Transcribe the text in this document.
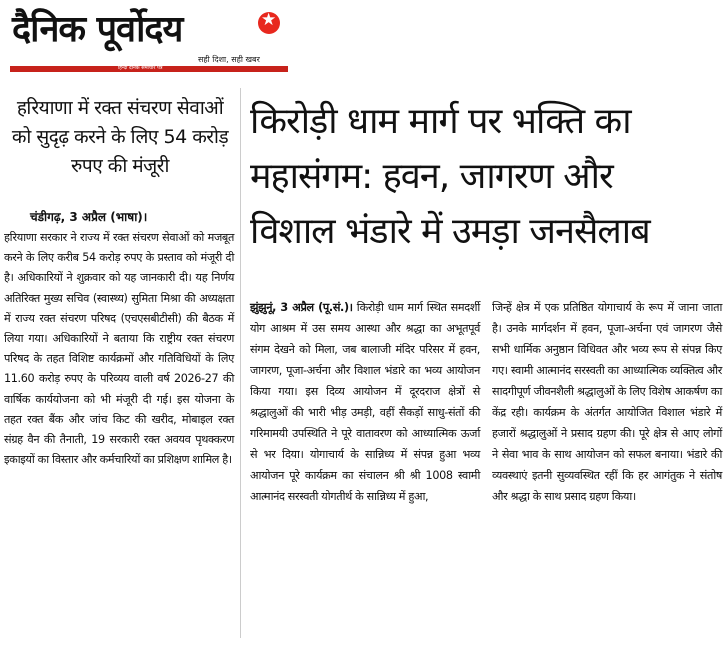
दैनिक पूर्वोदय
★
सही दिशा, सही खबर
हिन्दी दैनिक समाचार पत्र
हरियाणा में रक्त संचरण सेवाओं को सुदृढ़ करने के लिए 54 करोड़ रुपए की मंजूरी
चंडीगढ़, 3 अप्रैल (भाषा)।
हरियाणा सरकार ने राज्य में रक्त संचरण सेवाओं को मजबूत करने के लिए करीब 54 करोड़ रुपए के प्रस्ताव को मंजूरी दी है। अधिकारियों ने शुक्रवार को यह जानकारी दी। यह निर्णय अतिरिक्त मुख्य सचिव (स्वास्थ्य) सुमिता मिश्रा की अध्यक्षता में राज्य रक्त संचरण परिषद (एचएसबीटीसी) की बैठक में लिया गया। अधिकारियों ने बताया कि राष्ट्रीय रक्त संचरण परिषद के तहत विशिष्ट कार्यक्रमों और गतिविधियों के लिए 11.60 करोड़ रुपए के परिव्यय वाली वर्ष 2026-27 की वार्षिक कार्ययोजना को भी मंजूरी दी गई। इस योजना के तहत रक्त बैंक और जांच किट की खरीद, मोबाइल रक्त संग्रह वैन की तैनाती, 19 सरकारी रक्त अवयव पृथक्करण इकाइयों का विस्तार और कर्मचारियों का प्रशिक्षण शामिल है।
किरोड़ी धाम मार्ग पर भक्ति का
महासंगम: हवन, जागरण और
विशाल भंडारे में उमड़ा जनसैलाब
झुंझुनूं, 3 अप्रैल (पू.सं.)। किरोड़ी धाम मार्ग स्थित समदर्शी योग आश्रम में उस समय आस्था और श्रद्धा का अभूतपूर्व संगम देखने को मिला, जब बालाजी मंदिर परिसर में हवन, जागरण, पूजा-अर्चना और विशाल भंडारे का भव्य आयोजन किया गया। इस दिव्य आयोजन में दूरदराज क्षेत्रों से श्रद्धालुओं की भारी भीड़ उमड़ी, वहीं सैकड़ों साधु-संतों की गरिमामयी उपस्थिति ने पूरे वातावरण को आध्यात्मिक ऊर्जा से भर दिया। योगाचार्य के सान्निध्य में संपन्न हुआ भव्य आयोजन पूरे कार्यक्रम का संचालन श्री श्री 1008 स्वामी आत्मानंद सरस्वती योगतीर्थ के सान्निध्य में हुआ,
जिन्हें क्षेत्र में एक प्रतिष्ठित योगाचार्य के रूप में जाना जाता है। उनके मार्गदर्शन में हवन, पूजा-अर्चना एवं जागरण जैसे सभी धार्मिक अनुष्ठान विधिवत और भव्य रूप से संपन्न किए गए। स्वामी आत्मानंद सरस्वती का आध्यात्मिक व्यक्तित्व और सादगीपूर्ण जीवनशैली श्रद्धालुओं के लिए विशेष आकर्षण का केंद्र रही। कार्यक्रम के अंतर्गत आयोजित विशाल भंडारे में हजारों श्रद्धालुओं ने प्रसाद ग्रहण की। पूरे क्षेत्र से आए लोगों ने सेवा भाव के साथ आयोजन को सफल बनाया। भंडारे की व्यवस्थाएं इतनी सुव्यवस्थित रहीं कि हर आगंतुक ने संतोष और श्रद्धा के साथ प्रसाद ग्रहण किया।
